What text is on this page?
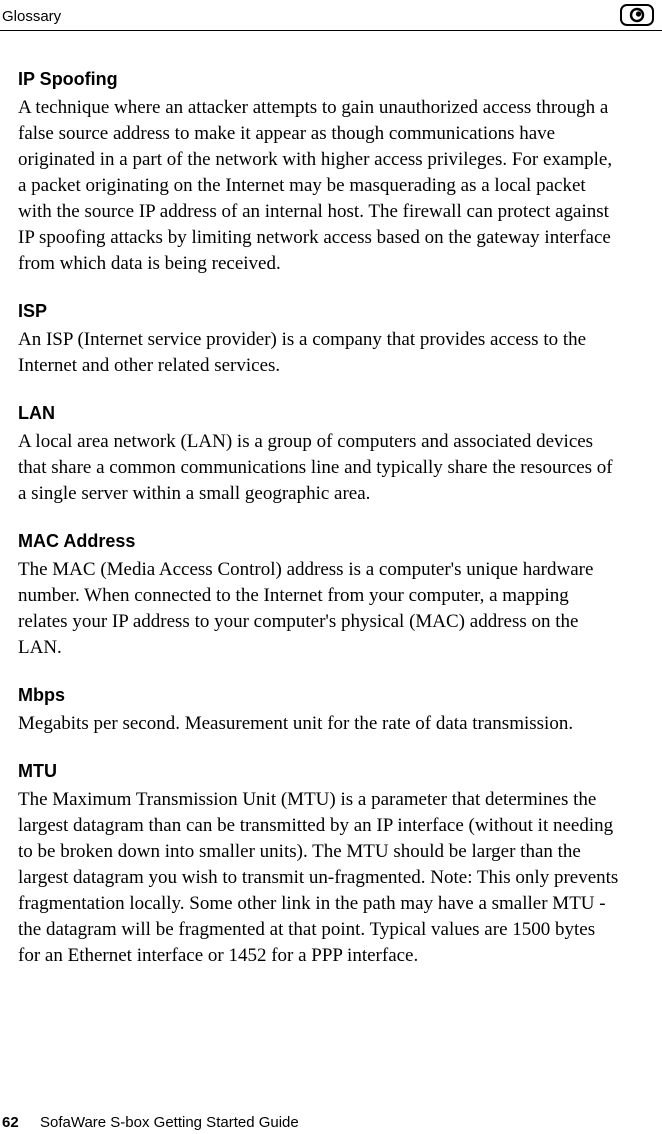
Glossary
IP Spoofing

A technique where an attacker attempts to gain unauthorized access through a
false source address to make it appear as though communications have
originated in a part of the network with higher access privileges. For example,
a packet originating on the Internet may be masquerading as a local packet
with the source IP address of an internal host. The firewall can protect against
IP spoofing attacks by limiting network access based on the gateway interface
from which data is being received.

ISP

An ISP (Internet service provider) is a company that provides access to the
Internet and other related services.

LAN

A local area network (LAN) is a group of computers and associated devices
that share a common communications line and typically share the resources of
a single server within a small geographic area.

MAC Address

The MAC (Media Access Control) address is a computer's unique hardware
number. When connected to the Internet from your computer, a mapping
relates your IP address to your computer's physical (MAC) address on the
LAN.

Mbps

Megabits per second. Measurement unit for the rate of data transmission.

MTU

The Maximum Transmission Unit (MTU) is a parameter that determines the
largest datagram than can be transmitted by an IP interface (without it needing
to be broken down into smaller units). The MTU should be larger than the
largest datagram you wish to transmit un-fragmented. Note: This only prevents
fragmentation locally. Some other link in the path may have a smaller MTU -
the datagram will be fragmented at that point. Typical values are 1500 bytes
for an Ethernet interface or 1452 for a PPP interface.

62 SofaWare S-box Getting Started Guide
